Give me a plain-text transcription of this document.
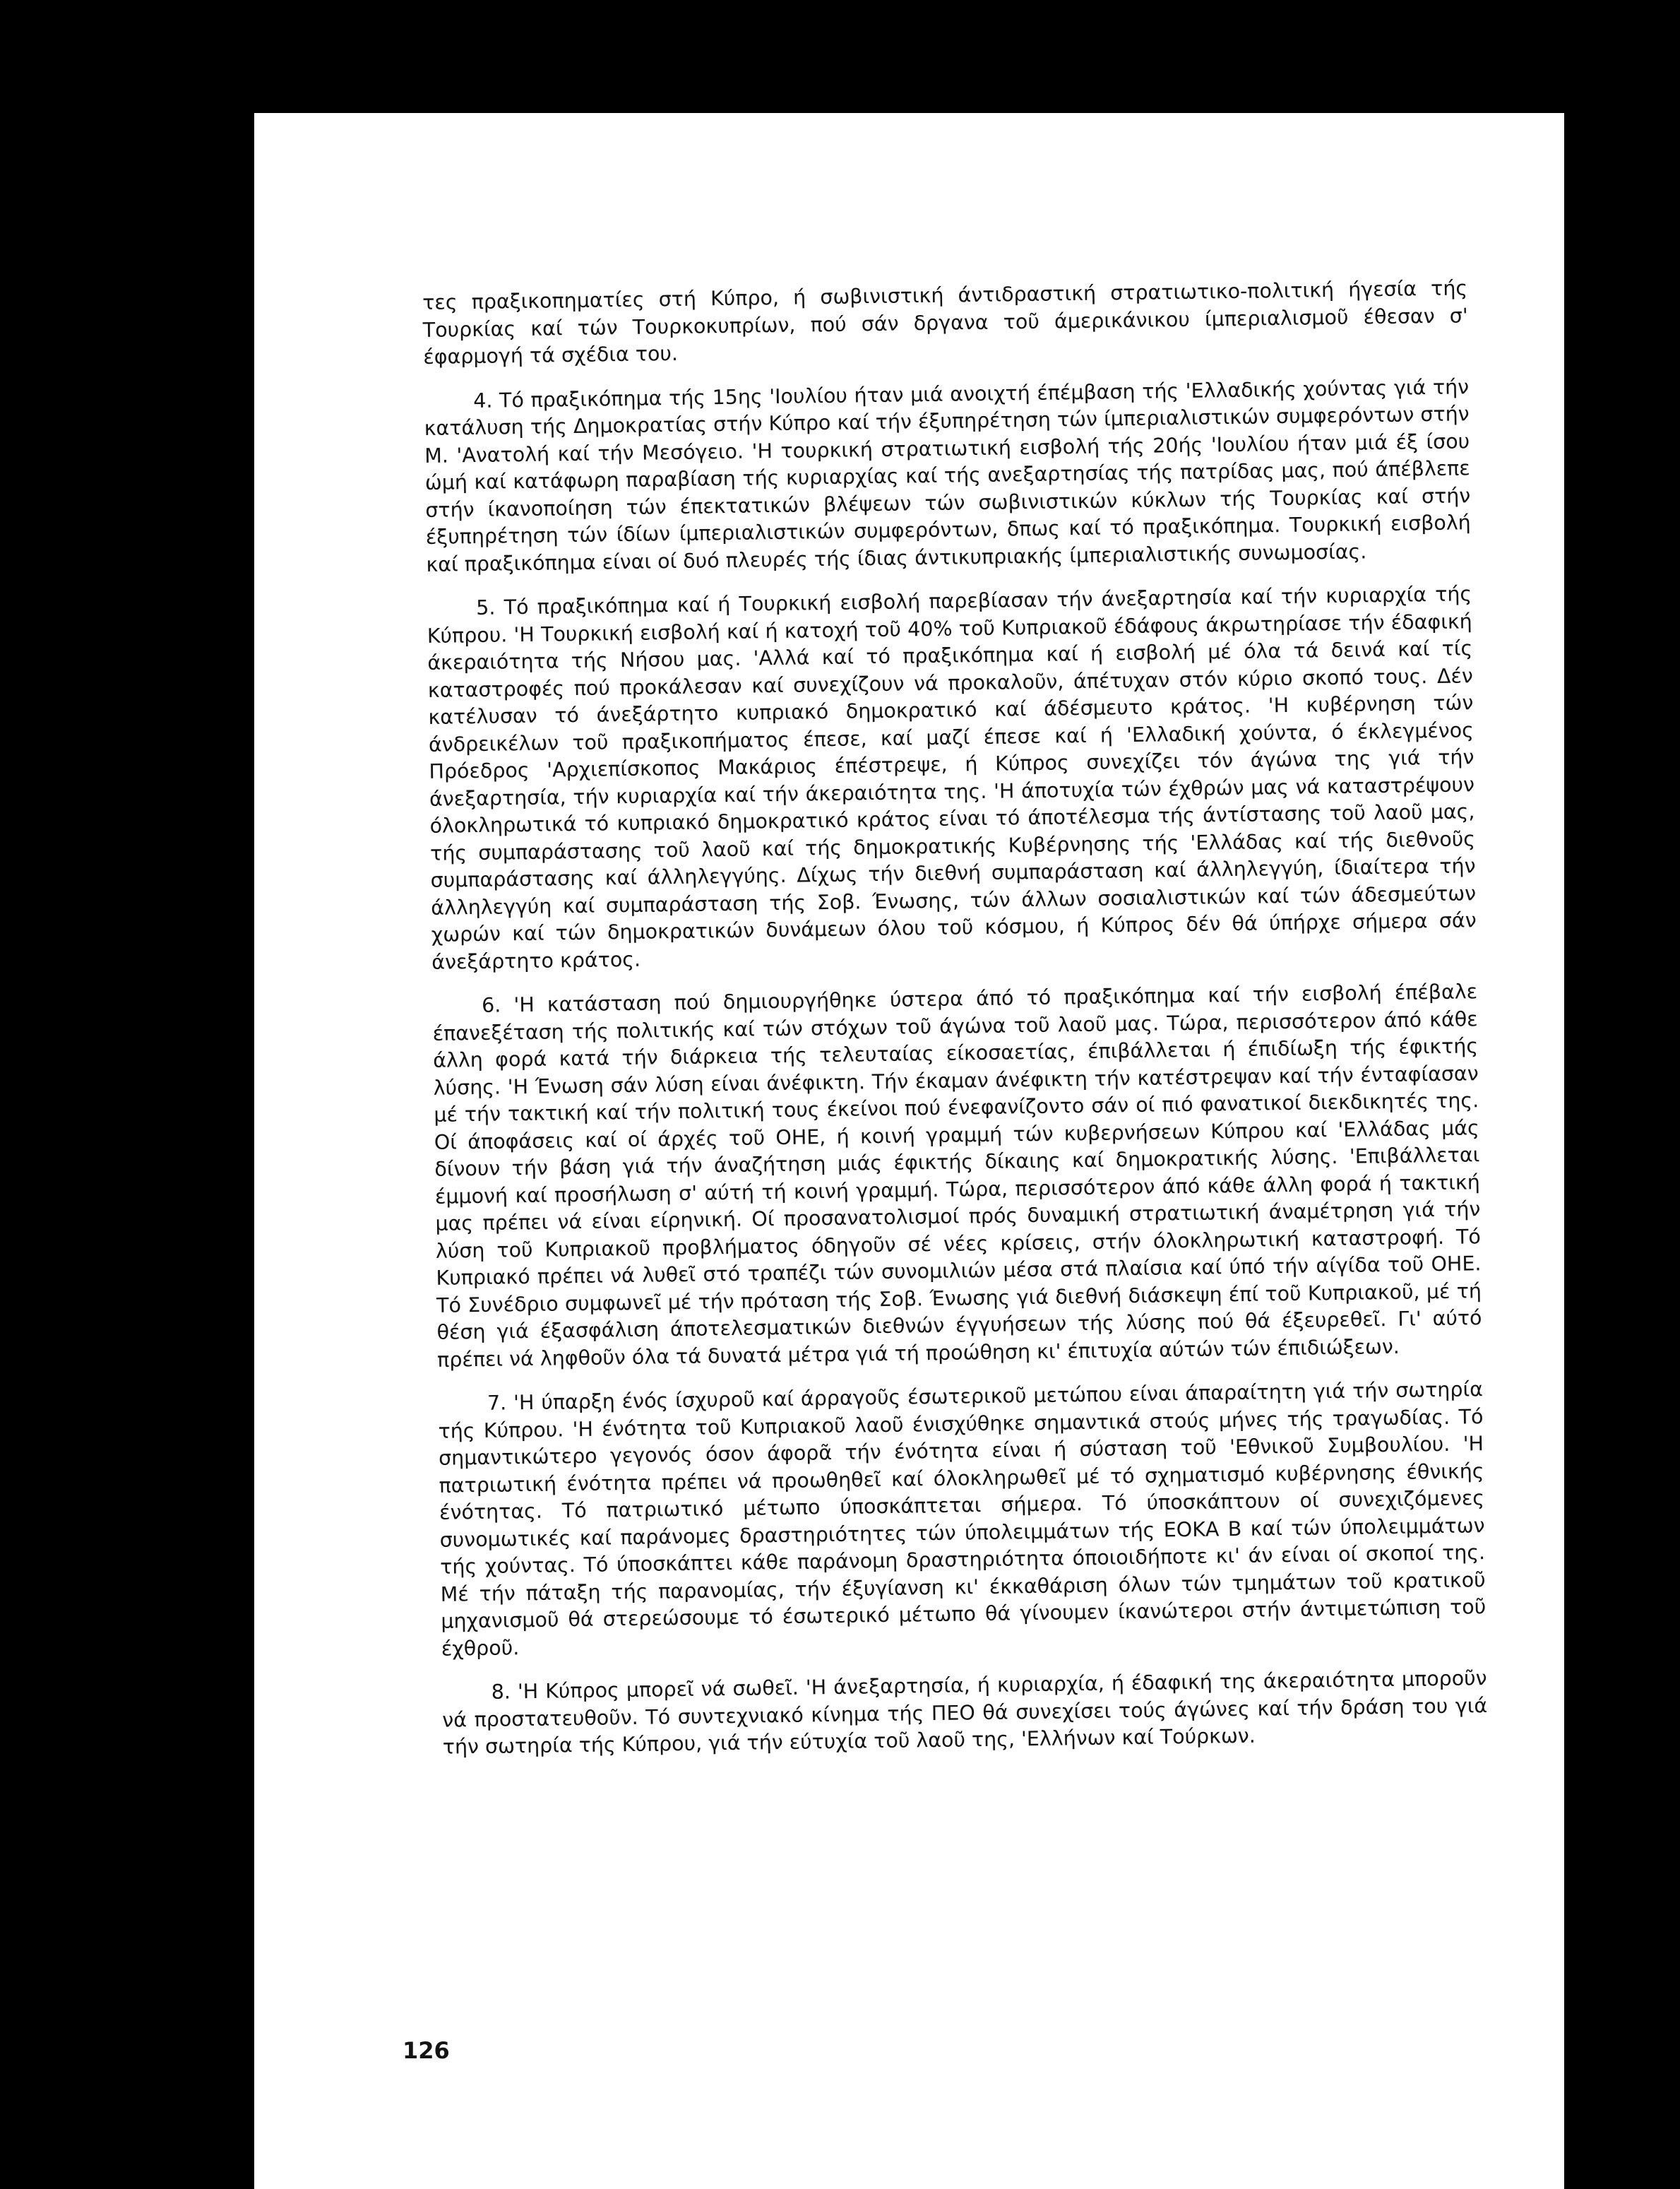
τες πραξικοπηματίες στή Κύπρο, ή σωβινιστική άντιδραστική στρατιωτικο-πολιτική ήγεσία τής Τουρκίας καί τών Τουρκοκυπρίων, πού σάν δργανα τοῦ άμερικάνικου ίμπεριαλισμοῦ έθεσαν σ' έφαρμογή τά σχέδια του.

4. Τό πραξικόπημα τής 15ης 'Ιουλίου ήταν μιά ανοιχτή έπέμβαση τής 'Ελλαδικής χούντας γιά τήν κατάλυση τής Δημοκρατίας στήν Κύπρο καί τήν έξυπηρέτηση τών ίμπεριαλιστικών συμφερόντων στήν Μ. 'Ανατολή καί τήν Μεσόγειο. 'Η τουρκική στρατιωτική εισβολή τής 20ής 'Ιουλίου ήταν μιά έξ ίσου ώμή καί κατάφωρη παραβίαση τής κυριαρχίας καί τής ανεξαρτησίας τής πατρίδας μας, πού άπέβλεπε στήν ίκανοποίηση τών έπεκτατικών βλέψεων τών σωβινιστικών κύκλων τής Τουρκίας καί στήν έξυπηρέτηση τών ίδίων ίμπεριαλιστικών συμφερόντων, δπως καί τό πραξικόπημα. Τουρκική εισβολή καί πραξικόπημα είναι οί δυό πλευρές τής ίδιας άντικυπριακής ίμπεριαλιστικής συνωμοσίας.

5. Τό πραξικόπημα καί ή Τουρκική εισβολή παρεβίασαν τήν άνεξαρτησία καί τήν κυριαρχία τής Κύπρου. 'Η Τουρκική εισβολή καί ή κατοχή τοῦ 40% τοῦ Κυπριακοῦ έδάφους άκρωτηρίασε τήν έδαφική άκεραιότητα τής Νήσου μας. 'Αλλά καί τό πραξικόπημα καί ή εισβολή μέ όλα τά δεινά καί τίς καταστροφές πού προκάλεσαν καί συνεχίζουν νά προκαλοῦν, άπέτυχαν στόν κύριο σκοπό τους. Δέν κατέλυσαν τό άνεξάρτητο κυπριακό δημοκρατικό καί άδέσμευτο κράτος. 'Η κυβέρνηση τών άνδρεικέλων τοῦ πραξικοπήματος έπεσε, καί μαζί έπεσε καί ή 'Ελλαδική χούντα, ό έκλεγμένος Πρόεδρος 'Αρχιεπίσκοπος Μακάριος έπέστρεψε, ή Κύπρος συνεχίζει τόν άγώνα της γιά τήν άνεξαρτησία, τήν κυριαρχία καί τήν άκεραιότητα της. 'Η άποτυχία τών έχθρών μας νά καταστρέψουν όλοκληρωτικά τό κυπριακό δημοκρατικό κράτος είναι τό άποτέλεσμα τής άντίστασης τοῦ λαοῦ μας, τής συμπαράστασης τοῦ λαοῦ καί τής δημοκρατικής Κυβέρνησης τής 'Ελλάδας καί τής διεθνοῦς συμπαράστασης καί άλληλεγγύης. Δίχως τήν διεθνή συμπαράσταση καί άλληλεγγύη, ίδιαίτερα τήν άλληλεγγύη καί συμπαράσταση τής Σοβ. Ένωσης, τών άλλων σοσιαλιστικών καί τών άδεσμεύτων χωρών καί τών δημοκρατικών δυνάμεων όλου τοῦ κόσμου, ή Κύπρος δέν θά ύπήρχε σήμερα σάν άνεξάρτητο κράτος.

6. 'Η κατάσταση πού δημιουργήθηκε ύστερα άπό τό πραξικόπημα καί τήν εισβολή έπέβαλε έπανεξέταση τής πολιτικής καί τών στόχων τοῦ άγώνα τοῦ λαοῦ μας. Τώρα, περισσότερον άπό κάθε άλλη φορά κατά τήν διάρκεια τής τελευταίας είκοσαετίας, έπιβάλλεται ή έπιδίωξη τής έφικτής λύσης. 'Η Ένωση σάν λύση είναι άνέφικτη. Τήν έκαμαν άνέφικτη τήν κατέστρεψαν καί τήν ένταφίασαν μέ τήν τακτική καί τήν πολιτική τους έκείνοι πού ένεφανίζοντο σάν οί πιό φανατικοί διεκδικητές της. Οί άποφάσεις καί οί άρχές τοῦ ΟΗΕ, ή κοινή γραμμή τών κυβερνήσεων Κύπρου καί 'Ελλάδας μάς δίνουν τήν βάση γιά τήν άναζήτηση μιάς έφικτής δίκαιης καί δημοκρατικής λύσης. 'Επιβάλλεται έμμονή καί προσήλωση σ' αύτή τή κοινή γραμμή. Τώρα, περισσότερον άπό κάθε άλλη φορά ή τακτική μας πρέπει νά είναι είρηνική. Οί προσανατολισμοί πρός δυναμική στρατιωτική άναμέτρηση γιά τήν λύση τοῦ Κυπριακοῦ προβλήματος όδηγοῦν σέ νέες κρίσεις, στήν όλοκληρωτική καταστροφή. Τό Κυπριακό πρέπει νά λυθεῖ στό τραπέζι τών συνομιλιών μέσα στά πλαίσια καί ύπό τήν αίγίδα τοῦ ΟΗΕ. Τό Συνέδριο συμφωνεῖ μέ τήν πρόταση τής Σοβ. Ένωσης γιά διεθνή διάσκεψη έπί τοῦ Κυπριακοῦ, μέ τή θέση γιά έξασφάλιση άποτελεσματικών διεθνών έγγυήσεων τής λύσης πού θά έξευρεθεῖ. Γι' αύτό πρέπει νά ληφθοῦν όλα τά δυνατά μέτρα γιά τή προώθηση κι' έπιτυχία αύτών τών έπιδιώξεων.

7. 'Η ύπαρξη ένός ίσχυροῦ καί άρραγοῦς έσωτερικοῦ μετώπου είναι άπαραίτητη γιά τήν σωτηρία τής Κύπρου. 'Η ένότητα τοῦ Κυπριακοῦ λαοῦ ένισχύθηκε σημαντικά στούς μήνες τής τραγωδίας. Τό σημαντικώτερο γεγονός όσον άφορᾶ τήν ένότητα είναι ή σύσταση τοῦ 'Εθνικοῦ Συμβουλίου. 'Η πατριωτική ένότητα πρέπει νά προωθηθεῖ καί όλοκληρωθεῖ μέ τό σχηματισμό κυβέρνησης έθνικής ένότητας. Τό πατριωτικό μέτωπο ύποσκάπτεται σήμερα. Τό ύποσκάπτουν οί συνεχιζόμενες συνομωτικές καί παράνομες δραστηριότητες τών ύπολειμμάτων τής ΕΟΚΑ Β καί τών ύπολειμμάτων τής χούντας. Τό ύποσκάπτει κάθε παράνομη δραστηριότητα όποιοιδήποτε κι' άν είναι οί σκοποί της. Μέ τήν πάταξη τής παρανομίας, τήν έξυγίανση κι' έκκαθάριση όλων τών τμημάτων τοῦ κρατικοῦ μηχανισμοῦ θά στερεώσουμε τό έσωτερικό μέτωπο θά γίνουμεν ίκανώτεροι στήν άντιμετώπιση τοῦ έχθροῦ.

8. 'Η Κύπρος μπορεῖ νά σωθεῖ. 'Η άνεξαρτησία, ή κυριαρχία, ή έδαφική της άκεραιότητα μποροῦν νά προστατευθοῦν. Τό συντεχνιακό κίνημα τής ΠΕΟ θά συνεχίσει τούς άγώνες καί τήν δράση του γιά τήν σωτηρία τής Κύπρου, γιά τήν εύτυχία τοῦ λαοῦ της, 'Ελλήνων καί Τούρκων.

126
